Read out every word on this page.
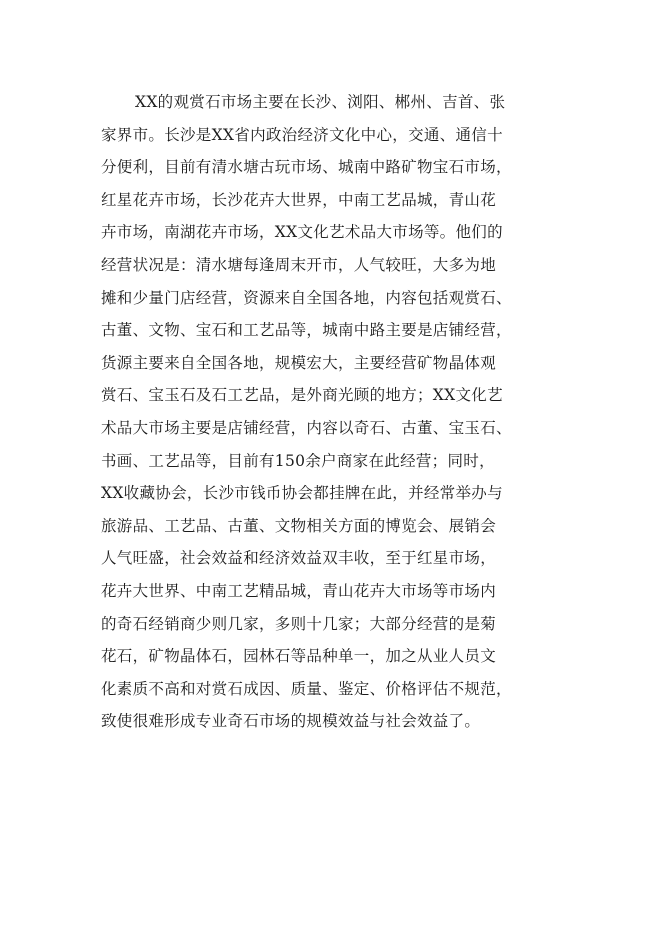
XX的观赏石市场主要在长沙、浏阳、郴州、吉首、张
家界市。长沙是XX省内政治经济文化中心，交通、通信十
分便利，目前有清水塘古玩市场、城南中路矿物宝石市场，
红星花卉市场，长沙花卉大世界，中南工艺品城，青山花
卉市场，南湖花卉市场，XX文化艺术品大市场等。他们的
经营状况是：清水塘每逢周末开市，人气较旺，大多为地
摊和少量门店经营，资源来自全国各地，内容包括观赏石、
古董、文物、宝石和工艺品等，城南中路主要是店铺经营，
货源主要来自全国各地，规模宏大，主要经营矿物晶体观
赏石、宝玉石及石工艺品，是外商光顾的地方；XX文化艺
术品大市场主要是店铺经营，内容以奇石、古董、宝玉石、
书画、工艺品等，目前有150余户商家在此经营；同时，
XX收藏协会，长沙市钱币协会都挂牌在此，并经常举办与
旅游品、工艺品、古董、文物相关方面的博览会、展销会
人气旺盛，社会效益和经济效益双丰收，至于红星市场，
花卉大世界、中南工艺精品城，青山花卉大市场等市场内
的奇石经销商少则几家，多则十几家；大部分经营的是菊
花石，矿物晶体石，园林石等品种单一，加之从业人员文
化素质不高和对赏石成因、质量、鉴定、价格评估不规范，
致使很难形成专业奇石市场的规模效益与社会效益了。
